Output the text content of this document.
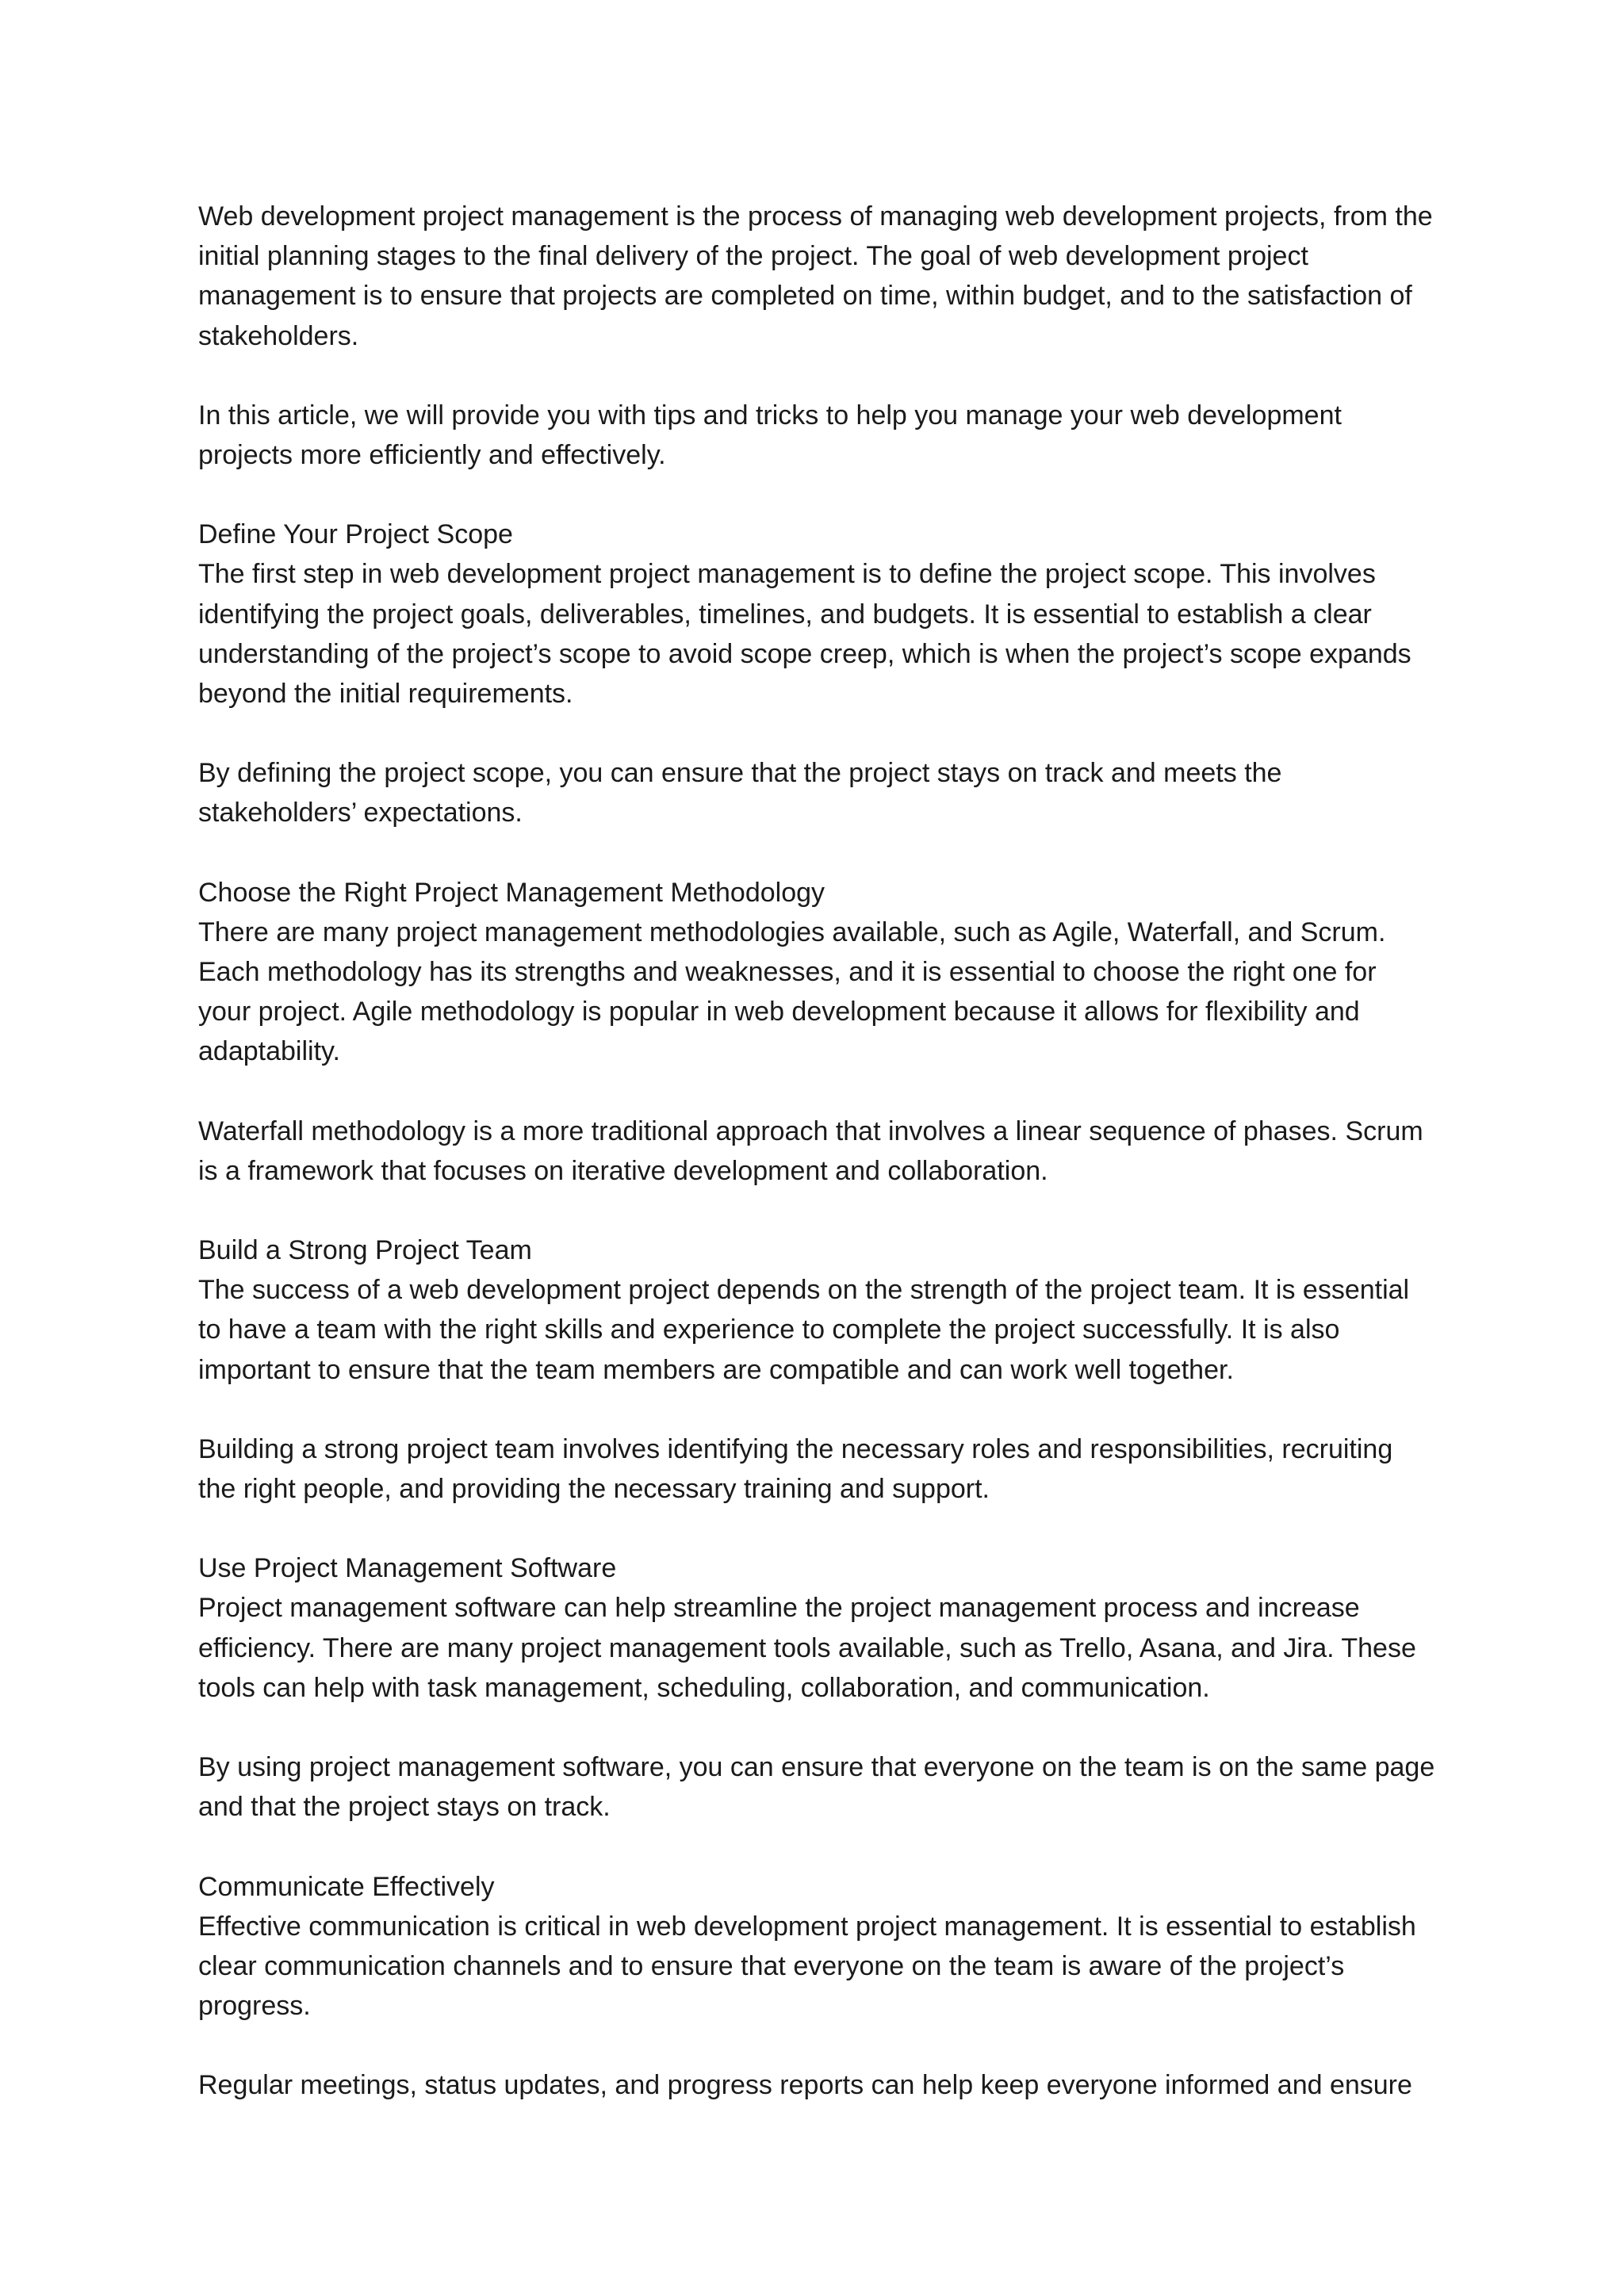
Web development project management is the process of managing web development projects, from the initial planning stages to the final delivery of the project. The goal of web development project management is to ensure that projects are completed on time, within budget, and to the satisfaction of stakeholders.

In this article, we will provide you with tips and tricks to help you manage your web development projects more efficiently and effectively.

Define Your Project Scope

The first step in web development project management is to define the project scope. This involves identifying the project goals, deliverables, timelines, and budgets. It is essential to establish a clear understanding of the project’s scope to avoid scope creep, which is when the project’s scope expands beyond the initial requirements.

By defining the project scope, you can ensure that the project stays on track and meets the stakeholders’ expectations.

Choose the Right Project Management Methodology

There are many project management methodologies available, such as Agile, Waterfall, and Scrum. Each methodology has its strengths and weaknesses, and it is essential to choose the right one for your project. Agile methodology is popular in web development because it allows for flexibility and adaptability.

Waterfall methodology is a more traditional approach that involves a linear sequence of phases. Scrum is a framework that focuses on iterative development and collaboration.

Build a Strong Project Team

The success of a web development project depends on the strength of the project team. It is essential to have a team with the right skills and experience to complete the project successfully. It is also important to ensure that the team members are compatible and can work well together.

Building a strong project team involves identifying the necessary roles and responsibilities, recruiting the right people, and providing the necessary training and support.

Use Project Management Software

Project management software can help streamline the project management process and increase efficiency. There are many project management tools available, such as Trello, Asana, and Jira. These tools can help with task management, scheduling, collaboration, and communication.

By using project management software, you can ensure that everyone on the team is on the same page and that the project stays on track.

Communicate Effectively

Effective communication is critical in web development project management. It is essential to establish clear communication channels and to ensure that everyone on the team is aware of the project’s progress.

Regular meetings, status updates, and progress reports can help keep everyone informed and ensure
